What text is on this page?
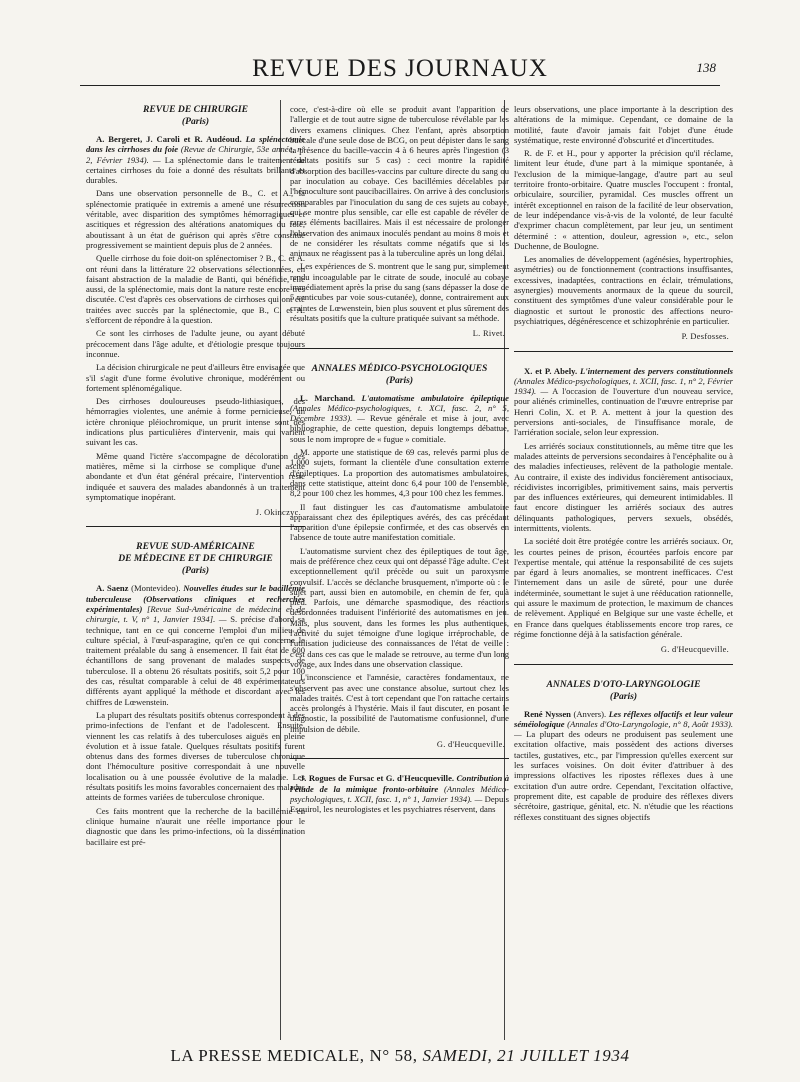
REVUE DES JOURNAUX	138
REVUE DE CHIRURGIE
(Paris)

A. Bergeret, J. Caroli et R. Audéoud. La splénectomie dans les cirrhoses du foie (Revue de Chirurgie, 53e année, n° 2, Février 1934). — La splénectomie dans le traitement de certaines cirrhoses du foie a donné des résultats brillants et durables.

Dans une observation personnelle de B., C. et A., la splénectomie pratiquée in extremis a amené une résurrection véritable, avec disparition des symptômes hémorragiques et ascitiques et régression des altérations anatomiques du foie, aboutissant à un état de guérison qui après s'être constitué progressivement se maintient depuis plus de 2 années.

Quelle cirrhose du foie doit-on splénectomiser ? B., C. et A. ont réuni dans la littérature 22 observations sélectionnées, en faisant abstraction de la maladie de Banti, qui bénéficie, elle aussi, de la splénectomie, mais dont la nature reste encore très discutée. C'est d'après ces observations de cirrhoses qui ont été traitées avec succès par la splénectomie, que B., C. et A. s'efforcent de répondre à la question.

Ce sont les cirrhoses de l'adulte jeune, ou ayant débuté précocement dans l'âge adulte, et d'étiologie presque toujours inconnue.

La décision chirurgicale ne peut d'ailleurs être envisagée que s'il s'agit d'une forme évolutive chronique, modérément ou fortement splénomégalique.

Des cirrhoses douloureuses pseudo-lithiasiques, des hémorragies violentes, une anémie à forme pernicieuse, un ictère chronique pléiochromique, un prurit intense sont des indications plus particulières d'intervenir, mais qui varient suivant les cas.

Même quand l'ictère s'accompagne de décoloration des matières, même si la cirrhose se complique d'une ascite abondante et d'un état général précaire, l'intervention reste indiquée et sauvera des malades abandonnés à un traitement symptomatique inopérant.

J. Okinczyc.
REVUE SUD-AMÉRICAINE
DE MÉDECINE ET DE CHIRURGIE
(Paris)

A. Saenz (Montevideo). Nouvelles études sur le bacillémie tuberculeuse (Observations cliniques et recherches expérimentales) [Revue Sud-Américaine de médecine et de chirurgie, t. V, n° 1, Janvier 1934]. — S. précise d'abord sa technique, tant en ce qui concerne l'emploi d'un milieu de culture spécial, à l'œuf-asparagine, qu'en ce qui concerne le traitement préalable du sang à ensemencer. Il fait état de 600 échantillons de sang provenant de malades suspects de tuberculose. Il a obtenu 26 résultats positifs, soit 5,2 pour 100 des cas, résultat comparable à celui de 48 expérimentateurs différents ayant appliqué la méthode et discordant avec les chiffres de Lœwenstein.

La plupart des résultats positifs obtenus correspondent à des primo-infections de l'enfant et de l'adolescent. Ensuite, viennent les cas relatifs à des tuberculoses aiguës en pleine évolution et à issue fatale. Quelques résultats positifs furent obtenus dans des formes diverses de tuberculose chronique dont l'hémoculture positive correspondait à une nouvelle localisation ou à une poussée évolutive de la maladie. Les résultats positifs les moins favorables concernaient des malades atteints de formes variées de tuberculose chronique.

Ces faits montrent que la recherche de la bacillémie en clinique humaine n'aurait une réelle importance pour le diagnostic que dans les primo-infections, où la dissémination bacillaire est pré-

coce, c'est-à-dire où elle se produit avant l'apparition de l'allergie et de tout autre signe de tuberculose révélable par les divers examens cliniques. Chez l'enfant, après absorption buccale d'une seule dose de BCG, on peut dépister dans le sang la présence du bacille-vaccin 4 à 6 heures après l'ingestion (3 résultats positifs sur 5 cas) : ceci montre la rapidité d'absorption des bacilles-vaccins par culture directe du sang ou par inoculation au cobaye. Ces bacillémies décelables par l'hémoculture sont paucibacillaires. On arrive à des conclusions comparables par l'inoculation du sang de ces sujets au cobaye, qui se montre plus sensible, car elle est capable de révéler de rares éléments bacillaires. Mais il est nécessaire de prolonger l'observation des animaux inoculés pendant au moins 8 mois et de ne considérer les résultats comme négatifs que si les animaux ne réagissent pas à la tuberculine après un long délai.

Les expériences de S. montrent que le sang pur, simplement rendu incoagulable par le citrate de soude, inoculé au cobaye immédiatement après la prise du sang (sans dépasser la dose de 5 centicubes par voie sous-cutanée), donne, contrairement aux craintes de Lœwenstein, bien plus souvent et plus sûrement des résultats positifs que la culture pratiquée suivant sa méthode.

L. Rivet.
ANNALES MÉDICO-PSYCHOLOGIQUES
(Paris)

L. Marchand. L'automatisme ambulatoire épileptique (Annales Médico-psychologiques, t. XCI, fasc. 2, n° 5, Décembre 1933). — Revue générale et mise à jour, avec bibliographie, de cette question, depuis longtemps débattue, sous le nom impropre de « fugue » comitiale.

M. apporte une statistique de 69 cas, relevés parmi plus de 1.000 sujets, formant la clientèle d'une consultation externe d'épileptiques. La proportion des automatismes ambulatoires, dans cette statistique, atteint donc 6,4 pour 100 de l'ensemble, 8,2 pour 100 chez les hommes, 4,3 pour 100 chez les femmes.

Il faut distinguer les cas d'automatisme ambulatoire apparaissant chez des épileptiques avérés, des cas précédant l'apparition d'une épilepsie confirmée, et des cas observés en l'absence de toute autre manifestation comitiale.

L'automatisme survient chez des épileptiques de tout âge, mais de préférence chez ceux qui ont dépassé l'âge adulte. C'est exceptionnellement qu'il précède ou suit un paroxysme convulsif. L'accès se déclanche brusquement, n'importe où : le sujet part, aussi bien en automobile, en chemin de fer, qu'à pied. Parfois, une démarche spasmodique, des réactions désordonnées traduisent l'infériorité des automatismes en jeu. Mais, plus souvent, dans les formes les plus authentiques, l'activité du sujet témoigne d'une logique irréprochable, de l'utilisation judicieuse des connaissances de l'état de veille : c'est dans ces cas que le malade se retrouve, au terme d'un long voyage, aux Indes dans une observation classique.

L'inconscience et l'amnésie, caractères fondamentaux, ne s'observent pas avec une constance absolue, surtout chez les malades traités. C'est à tort cependant que l'on rattache certains accès prolongés à l'hystérie. Mais il faut discuter, en posant le diagnostic, la possibilité de l'automatisme confusionnel, d'une impulsion de débile.

G. d'Heucqueville.

J. Rogues de Fursac et G. d'Heucqueville. Contribution à l'étude de la mimique fronto-orbitaire (Annales Médico-psychologiques, t. XCII, fasc. 1, n° 1, Janvier 1934). — Depuis Esquirol, les neurologistes et les psychiatres réservent, dans

leurs observations, une place importante à la description des altérations de la mimique. Cependant, ce domaine de la motilité, faute d'avoir jamais fait l'objet d'une étude systématique, reste environné d'obscurité et d'incertitudes.

R. de F. et H., pour y apporter la précision qu'il réclame, limitent leur étude, d'une part à la mimique spontanée, à l'exclusion de la mimique-langage, d'autre part au seul territoire fronto-orbitaire. Quatre muscles l'occupent : frontal, orbiculaire, sourcilier, pyramidal. Ces muscles offrent un intérêt exceptionnel en raison de la facilité de leur observation, de leur indépendance vis-à-vis de la volonté, de leur faculté d'exprimer chacun complètement, par leur jeu, un sentiment déterminé : « attention, douleur, agression », etc., selon Duchenne, de Boulogne.

Les anomalies de développement (agénésies, hypertrophies, asymétries) ou de fonctionnement (contractions insuffisantes, excessives, inadaptées, contractions en éclair, trémulations, asynergies) mouvements anormaux de la queue du sourcil, constituent des symptômes d'une valeur considérable pour le diagnostic et surtout le pronostic des affections neuro-psychiatriques, dégénérescence et schizophrénie en particulier.

P. Desfosses.

X. et P. Abely. L'internement des pervers constitutionnels (Annales Médico-psychologiques, t. XCII, fasc. 1, n° 2, Février 1934). — A l'occasion de l'ouverture d'un nouveau service, pour aliénés criminelles, continuation de l'œuvre entreprise par Henri Colin, X. et P. A. mettent à jour la question des perversions anti-sociales, de l'insuffisance morale, de l'arriération sociale, selon leur expression.

Les arriérés sociaux constitutionnels, au même titre que les malades atteints de perversions secondaires à l'encéphalite ou à des maladies infectieuses, relèvent de la pathologie mentale. Au contraire, il existe des individus foncièrement antisociaux, récidivistes incorrigibles, primitivement sains, mais pervertis par des influences extérieures, qui demeurent intimidables. Il faut encore distinguer les arriérés sociaux des autres délinquants pathologiques, pervers sexuels, obsédés, intermittents, violents.

La société doit être protégée contre les arriérés sociaux. Or, les courtes peines de prison, écourtées parfois encore par l'expertise mentale, qui atténue la responsabilité de ces sujets par égard à leurs anomalies, se montrent inefficaces. C'est l'internement dans un asile de sûreté, pour une durée indéterminée, soumettant le sujet à une rééducation rationnelle, qui assure le maximum de protection, le maximum de chances de relèvement. Appliqué en Belgique sur une vaste échelle, et en France dans quelques établissements encore trop rares, ce régime fonctionne déjà à la satisfaction générale.

G. d'Heucqueville.
ANNALES D'OTO-LARYNGOLOGIE
(Paris)

René Nyssen (Anvers). Les réflexes olfactifs et leur valeur séméiologique (Annales d'Oto-Laryngologie, n° 8, Août 1933). — La plupart des odeurs ne produisent pas seulement une excitation olfactive, mais possèdent des actions diverses tactiles, gustatives, etc., par l'impression qu'elles exercent sur les surfaces voisines. On doit éviter d'attribuer à des impressions olfactives les ripostes réflexes dues à une excitation d'un autre ordre. Cependant, l'excitation olfactive, proprement dite, est capable de produire des réflexes divers sécrétoire, gastrique, génital, etc. N. n'étudie que les réactions réflexes constituant des signes objectifs

LA PRESSE MEDICALE, N° 58, SAMEDI, 21 JUILLET 1934
